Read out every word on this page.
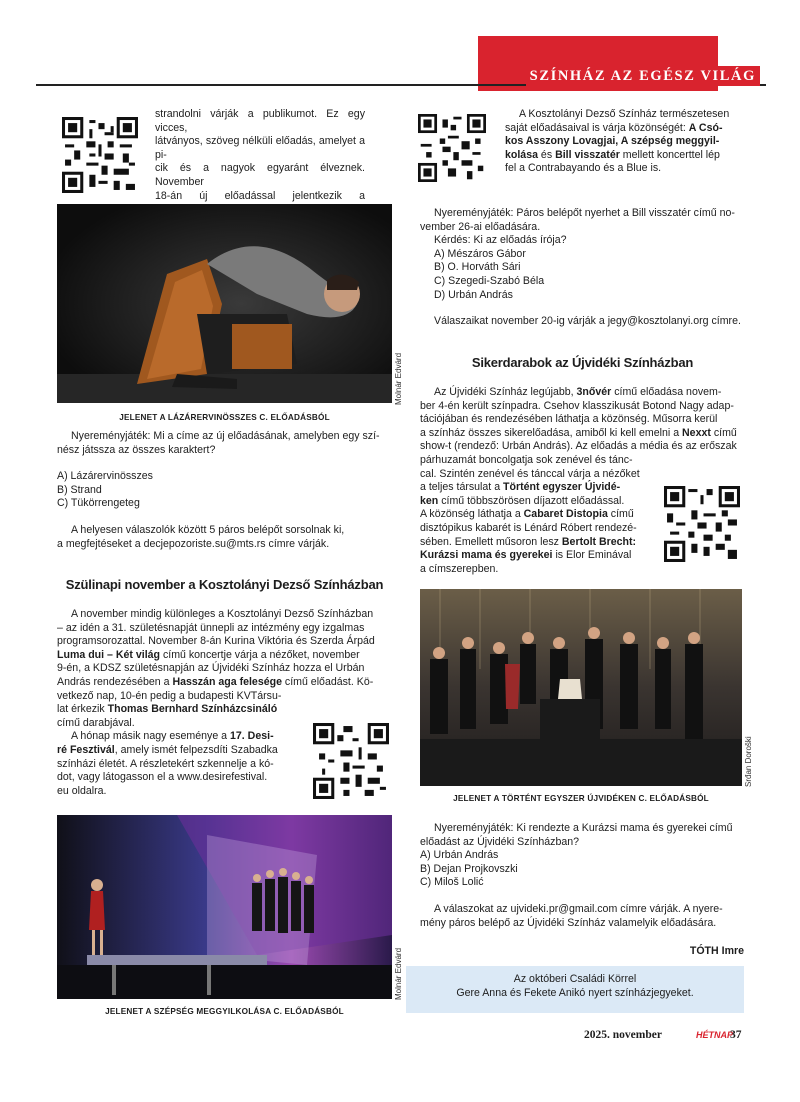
SZÍNHÁZ AZ EGÉSZ VILÁG

strandolni várják a publikumot. Ez egy vicces,

látványos, szöveg nélküli előadás, amelyet a pi-

cik és a nagyok egyaránt élveznek. November

18-án új előadással jelentkezik a

Molnár Edvárd
JELENET A LÁZÁRERVINÖSSZES C. ELŐADÁSBÓL

Nyereményjáték: Mi a címe az új előadásának, amelyben egy szí-

nész játssza az összes karaktert?

A) Lázárervinösszes

B) Strand

C) Tükörrengeteg

A helyesen válaszolók között 5 páros belépőt sorsolnak ki,

a megfejtéseket a decjepozoriste.su@mts.rs címre várják.

Szülinapi november a Kosztolányi Dezső Színházban

A november mindig különleges a Kosztolányi Dezső Színházban

– az idén a 31. születésnapját ünnepli az intézmény egy izgalmas

programsorozattal. November 8-án Kurina Viktória és Szerda Árpád

Luma dui – Két világ című koncertje várja a nézőket, november

9-én, a KDSZ születésnapján az Újvidéki Színház hozza el Urbán

András rendezésében a Hasszán aga felesége című előadást. Kö-

vetkező nap, 10-én pedig a budapesti KVTársu-

lat érkezik Thomas Bernhard Színházcsináló

című darabjával.

A hónap másik nagy eseménye a 17. Desi-

ré Fesztivál, amely ismét felpezsdíti Szabadka

színházi életét. A részletekért szkennelje a kó-

dot, vagy látogasson el a www.desirefestival.

eu oldalra.

Molnár Edvárd
JELENET A SZÉPSÉG MEGGYILKOLÁSA C. ELŐADÁSBÓL

A Kosztolányi Dezső Színház természetesen

saját előadásaival is várja közönségét: A Csó-

kos Asszony Lovagjai, A szépség meggyil-

kolása és Bill visszatér mellett koncerttel lép

fel a Contrabayando és a Blue is.

Nyereményjáték: Páros belépőt nyerhet a Bill visszatér című no-

vember 26-ai előadására.

Kérdés: Ki az előadás írója?

A) Mészáros Gábor

B) O. Horváth Sári

C) Szegedi-Szabó Béla

D) Urbán András

Válaszaikat november 20-ig várják a jegy@kosztolanyi.org címre.

Sikerdarabok az Újvidéki Színházban

Az Újvidéki Színház legújabb, 3nővér című előadása novem-

ber 4-én került színpadra. Csehov klasszikusát Botond Nagy adap-

tációjában és rendezésében láthatja a közönség. Műsorra kerül

a színház összes sikerelőadása, amiből ki kell emelni a Nexxt című

show-t (rendező: Urbán András). Az előadás a média és az erőszak

párhuzamát boncolgatja sok zenével és tánc-

cal. Szintén zenével és tánccal várja a nézőket

a teljes társulat a Történt egyszer Újvidé-

ken című többszörösen díjazott előadással.

A közönség láthatja a Cabaret Distopia című

disztópikus kabarét is Lénárd Róbert rendezé-

sében. Emellett műsoron lesz Bertolt Brecht:

Kurázsi mama és gyerekei is Elor Eminával

a címszerepben.

Srđan Doroški
JELENET A TÖRTÉNT EGYSZER ÚJVIDÉKEN C. ELŐADÁSBÓL

Nyereményjáték: Ki rendezte a Kurázsi mama és gyerekei című

előadást az Újvidéki Színházban?

A) Urbán András

B) Dejan Projkovszki

C) Miloš Lolić

A válaszokat az ujvideki.pr@gmail.com címre várják. A nyere-

mény páros belépő az Újvidéki Színház valamelyik előadására.

TÓTH Imre

Az októberi Családi Körrel

Gere Anna és Fekete Anikó nyert színházjegyeket.

2025. november	HÉTNAP
37
